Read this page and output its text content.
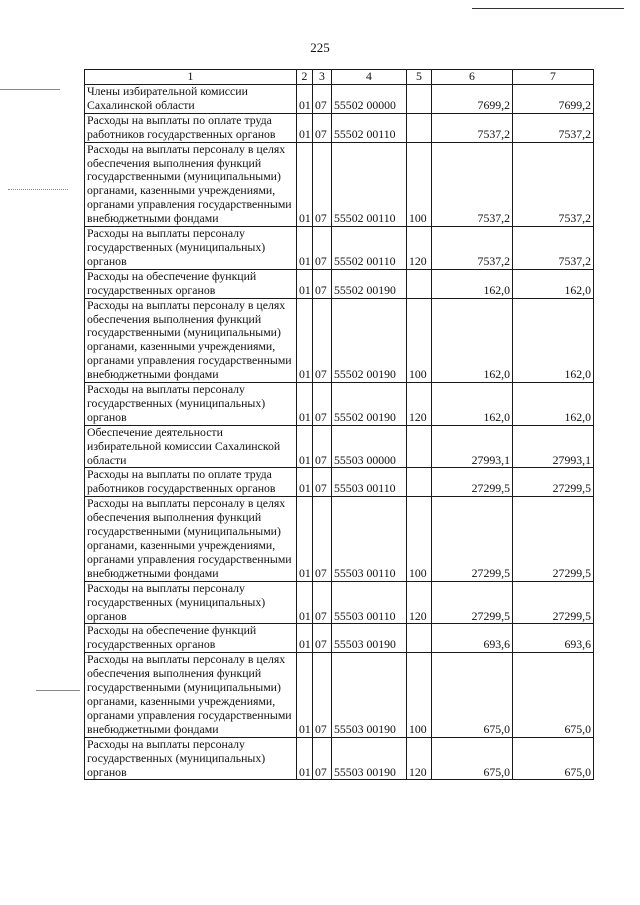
225
1	2	3	4	5	6	7
Члены избирательной комиссии Сахалинской области	01	07	55502 00000		7699,2	7699,2
Расходы на выплаты по оплате труда работников государственных органов	01	07	55502 00110		7537,2	7537,2
Расходы на выплаты персоналу в целях обеспечения выполнения функций государственными (муниципальными) органами, казенными учреждениями, органами управления государственными внебюджетными фондами	01	07	55502 00110	100	7537,2	7537,2
Расходы на выплаты персоналу государственных (муниципальных) органов	01	07	55502 00110	120	7537,2	7537,2
Расходы на обеспечение функций государственных органов	01	07	55502 00190		162,0	162,0
Расходы на выплаты персоналу в целях обеспечения выполнения функций государственными (муниципальными) органами, казенными учреждениями, органами управления государственными внебюджетными фондами	01	07	55502 00190	100	162,0	162,0
Расходы на выплаты персоналу государственных (муниципальных) органов	01	07	55502 00190	120	162,0	162,0
Обеспечение деятельности избирательной комиссии Сахалинской области	01	07	55503 00000		27993,1	27993,1
Расходы на выплаты по оплате труда работников государственных органов	01	07	55503 00110		27299,5	27299,5
Расходы на выплаты персоналу в целях обеспечения выполнения функций государственными (муниципальными) органами, казенными учреждениями, органами управления государственными внебюджетными фондами	01	07	55503 00110	100	27299,5	27299,5
Расходы на выплаты персоналу государственных (муниципальных) органов	01	07	55503 00110	120	27299,5	27299,5
Расходы на обеспечение функций государственных органов	01	07	55503 00190		693,6	693,6
Расходы на выплаты персоналу в целях обеспечения выполнения функций государственными (муниципальными) органами, казенными учреждениями, органами управления государственными внебюджетными фондами	01	07	55503 00190	100	675,0	675,0
Расходы на выплаты персоналу государственных (муниципальных) органов	01	07	55503 00190	120	675,0	675,0
